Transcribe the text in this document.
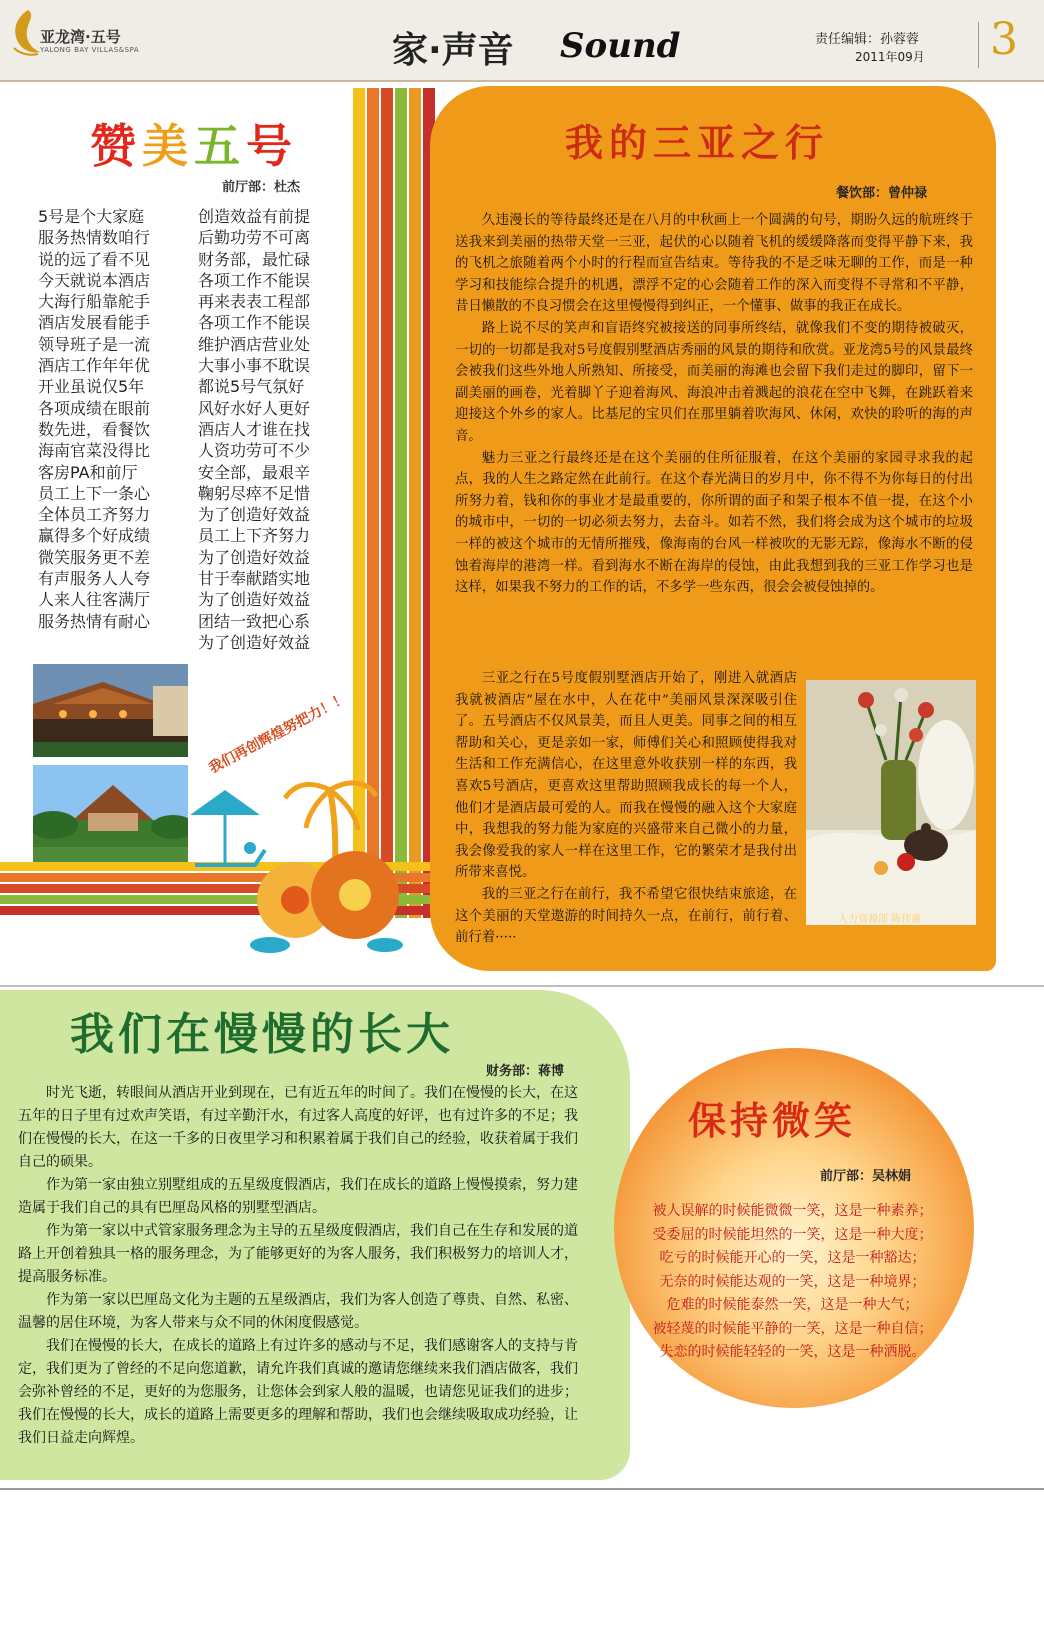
亚龙湾·五号
YALONG BAY VILLAS&SPA	家·声音 Sound	责任编辑：孙蓉蓉
2011年09月 3
赞美五号
前厅部：杜杰
5号是个大家庭
服务热情数咱行
说的远了看不见
今天就说本酒店
大海行船靠舵手
酒店发展看能手
领导班子是一流
酒店工作年年优
开业虽说仅5年
各项成绩在眼前
数先进，看餐饮
海南官菜没得比
客房PA和前厅
员工上下一条心
全体员工齐努力
赢得多个好成绩
微笑服务更不差
有声服务人人夸
人来人往客满厅
服务热情有耐心
创造效益有前提
后勤功劳不可离
财务部，最忙碌
各项工作不能误
再来表表工程部
各项工作不能误
维护酒店营业处
大事小事不耽误
都说5号气氛好
风好水好人更好
酒店人才谁在找
人资功劳可不少
安全部，最艰辛
鞠躬尽瘁不足惜
为了创造好效益
员工上下齐努力
为了创造好效益
甘于奉献踏实地
为了创造好效益
团结一致把心系
为了创造好效益
我们再创辉煌努把力！！
我的三亚之行
餐饮部：曾仲禄

久违漫长的等待最终还是在八月的中秋画上一个圆满的句号，期盼久远的航班终于送我来到美丽的热带天堂一三亚，起伏的心以随着飞机的缓缓降落而变得平静下来，我的飞机之旅随着两个小时的行程而宣告结束。等待我的不是乏味无聊的工作，而是一种学习和技能综合提升的机遇，漂浮不定的心会随着工作的深入而变得不寻常和不平静，昔日懒散的不良习惯会在这里慢慢得到纠正，一个懂事、做事的我正在成长。

路上说不尽的笑声和盲语终究被接送的同事所终结，就像我们不变的期待被破灭，一切的一切都是我对5号度假别墅酒店秀丽的风景的期待和欣赏。亚龙湾5号的风景最终会被我们这些外地人所熟知、所接受，而美丽的海滩也会留下我们走过的脚印，留下一副美丽的画卷，光着脚丫子迎着海风、海浪冲击着溅起的浪花在空中飞舞，在跳跃着来迎接这个外乡的家人。比基尼的宝贝们在那里躺着吹海风、休闲，欢快的聆听的海的声音。

魅力三亚之行最终还是在这个美丽的住所征服着，在这个美丽的家园寻求我的起点，我的人生之路定然在此前行。在这个春光满日的岁月中，你不得不为你每日的付出所努力着，钱和你的事业才是最重要的，你所谓的面子和架子根本不值一提，在这个小的城市中，一切的一切必须去努力，去奋斗。如若不然，我们将会成为这个城市的垃圾一样的被这个城市的无情所摧残，像海南的台风一样被吹的无影无踪，像海水不断的侵蚀着海岸的港湾一样。看到海水不断在海岸的侵蚀，由此我想到我的三亚工作学习也是这样，如果我不努力的工作的话，不多学一些东西，很会会被侵蚀掉的。

三亚之行在5号度假别墅酒店开始了，刚进入就酒店我就被酒店“屋在水中，人在花中”美丽风景深深吸引住了。五号酒店不仅风景美，而且人更美。同事之间的相互帮助和关心，更是亲如一家，师傅们关心和照顾使得我对生活和工作充满信心，在这里意外收获别一样的东西，我喜欢5号酒店，更喜欢这里帮助照顾我成长的每一个人，他们才是酒店最可爱的人。而我在慢慢的融入这个大家庭中，我想我的努力能为家庭的兴盛带来自己微小的力量，我会像爱我的家人一样在这里工作，它的繁荣才是我付出所带来喜悦。

我的三亚之行在前行，我不希望它很快结束旅途，在这个美丽的天堂遨游的时间持久一点，在前行，前行着、前行着·····

人力资源部 陈伟惠
我们在慢慢的长大
财务部：蒋博

时光飞逝，转眼间从酒店开业到现在，已有近五年的时间了。我们在慢慢的长大，在这五年的日子里有过欢声笑语，有过辛勤汗水，有过客人高度的好评，也有过许多的不足；我们在慢慢的长大，在这一千多的日夜里学习和积累着属于我们自己的经验，收获着属于我们自己的硕果。

作为第一家由独立别墅组成的五星级度假酒店，我们在成长的道路上慢慢摸索，努力建造属于我们自己的具有巴厘岛风格的别墅型酒店。

作为第一家以中式管家服务理念为主导的五星级度假酒店，我们自己在生存和发展的道路上开创着独具一格的服务理念，为了能够更好的为客人服务，我们积极努力的培训人才，提高服务标准。

作为第一家以巴厘岛文化为主题的五星级酒店，我们为客人创造了尊贵、自然、私密、温馨的居住环境，为客人带来与众不同的休闲度假感觉。

我们在慢慢的长大，在成长的道路上有过许多的感动与不足，我们感谢客人的支持与肯定，我们更为了曾经的不足向您道歉，请允许我们真诚的邀请您继续来我们酒店做客，我们会弥补曾经的不足，更好的为您服务，让您体会到家人般的温暖，也请您见证我们的进步；我们在慢慢的长大，成长的道路上需要更多的理解和帮助，我们也会继续吸取成功经验，让我们日益走向辉煌。

保持微笑
前厅部：吴林娟
被人误解的时候能微微一笑，这是一种素养；
受委屈的时候能坦然的一笑，这是一种大度；
吃亏的时候能开心的一笑，这是一种豁达；
无奈的时候能达观的一笑，这是一种境界；
危难的时候能泰然一笑，这是一种大气；
被轻蔑的时候能平静的一笑，这是一种自信；
失恋的时候能轻轻的一笑，这是一种洒脱。
